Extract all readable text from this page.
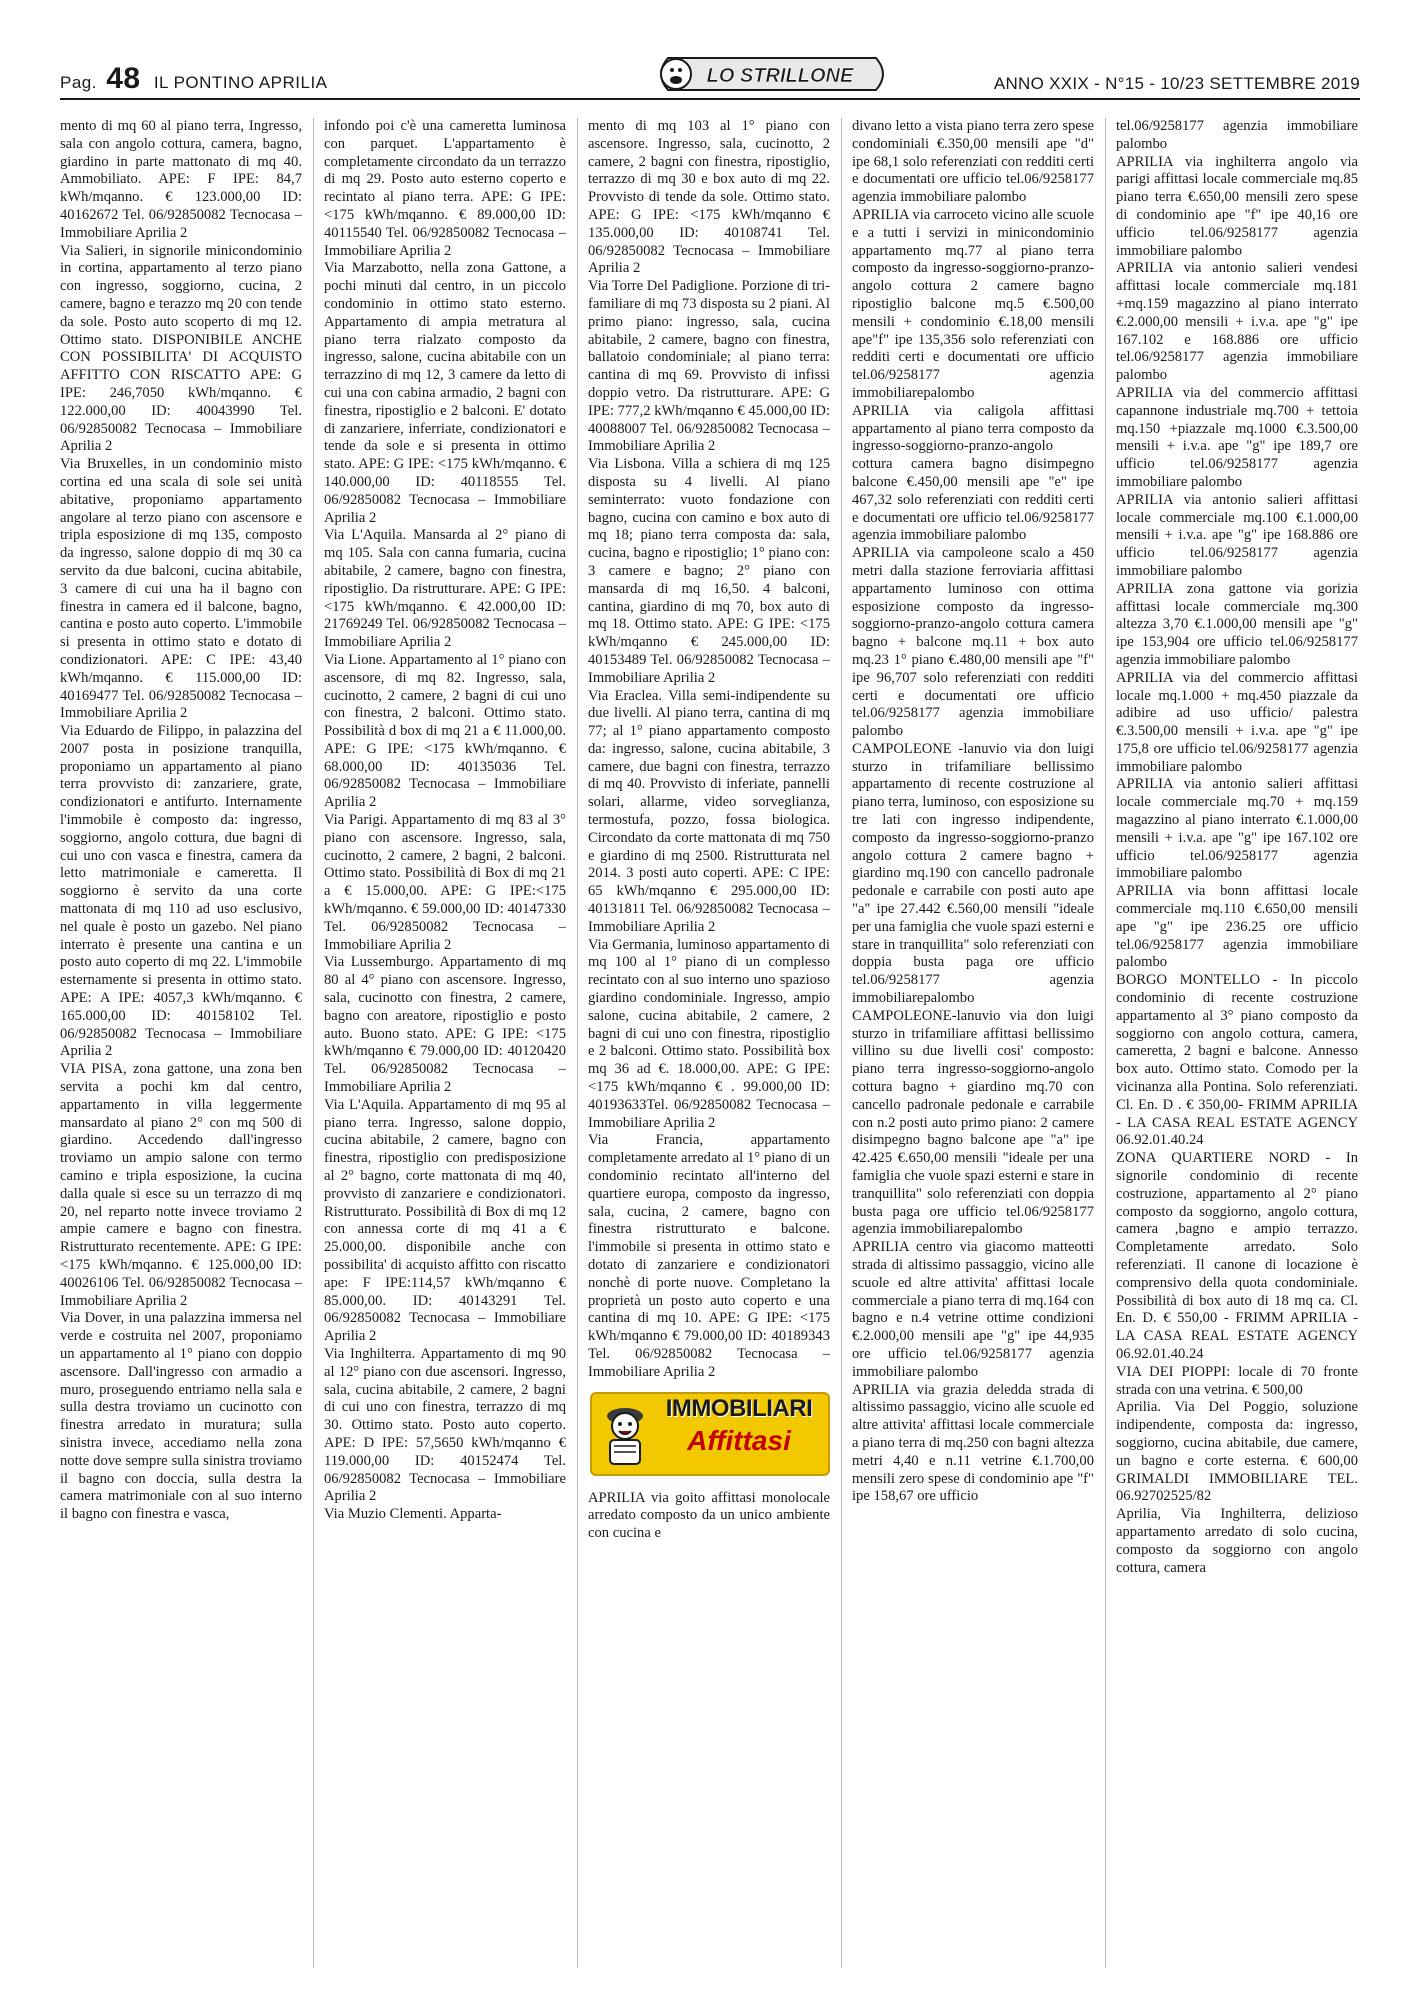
Pag. 48 IL PONTINO APRILIA	LO STRILLONE	ANNO XXIX - N°15 - 10/23 SETTEMBRE 2019

mento di mq 60 al piano terra, Ingresso, sala con angolo cottura, camera, bagno, giardino in parte mattonato di mq 40. Ammobiliato. APE: F IPE: 84,7 kWh/mqanno. € 123.000,00 ID: 40162672 Tel. 06/92850082 Tecnocasa – Immobiliare Aprilia 2

Via Salieri, in signorile minicondominio in cortina, appartamento al terzo piano con ingresso, soggiorno, cucina, 2 camere, bagno e terazzo mq 20 con tende da sole. Posto auto scoperto di mq 12. Ottimo stato. DISPONIBILE ANCHE CON POSSIBILITA' DI ACQUISTO AFFITTO CON RISCATTO APE: G IPE: 246,7050 kWh/mqanno. € 122.000,00 ID: 40043990 Tel. 06/92850082 Tecnocasa – Immobiliare Aprilia 2

Via Bruxelles, in un condominio misto cortina ed una scala di sole sei unità abitative, proponiamo appartamento angolare al terzo piano con ascensore e tripla esposizione di mq 135, composto da ingresso, salone doppio di mq 30 ca servito da due balconi, cucina abitabile, 3 camere di cui una ha il bagno con finestra in camera ed il balcone, bagno, cantina e posto auto coperto. L'immobile si presenta in ottimo stato e dotato di condizionatori. APE: C IPE: 43,40 kWh/mqanno. € 115.000,00 ID: 40169477 Tel. 06/92850082 Tecnocasa – Immobiliare Aprilia 2

Via Eduardo de Filippo, in palazzina del 2007 posta in posizione tranquilla, proponiamo un appartamento al piano terra provvisto di: zanzariere, grate, condizionatori e antifurto. Internamente l'immobile è composto da: ingresso, soggiorno, angolo cottura, due bagni di cui uno con vasca e finestra, camera da letto matrimoniale e cameretta. Il soggiorno è servito da una corte mattonata di mq 110 ad uso esclusivo, nel quale è posto un gazebo. Nel piano interrato è presente una cantina e un posto auto coperto di mq 22. L'immobile esternamente si presenta in ottimo stato. APE: A IPE: 4057,3 kWh/mqanno. € 165.000,00 ID: 40158102 Tel. 06/92850082 Tecnocasa – Immobiliare Aprilia 2

VIA PISA, zona gattone, una zona ben servita a pochi km dal centro, appartamento in villa leggermente mansardato al piano 2° con mq 500 di giardino. Accedendo dall'ingresso troviamo un ampio salone con termo camino e tripla esposizione, la cucina dalla quale si esce su un terrazzo di mq 20, nel reparto notte invece troviamo 2 ampie camere e bagno con finestra. Ristrutturato recentemente. APE: G IPE: <175 kWh/mqanno. € 125.000,00 ID: 40026106 Tel. 06/92850082 Tecnocasa – Immobiliare Aprilia 2

Via Dover, in una palazzina immersa nel verde e costruita nel 2007, proponiamo un appartamento al 1° piano con doppio ascensore. Dall'ingresso con armadio a muro, proseguendo entriamo nella sala e sulla destra troviamo un cucinotto con finestra arredato in muratura; sulla sinistra invece, accediamo nella zona notte dove sempre sulla sinistra troviamo il bagno con doccia, sulla destra la camera matrimoniale con al suo interno il bagno con finestra e vasca,

infondo poi c'è una cameretta luminosa con parquet. L'appartamento è completamente circondato da un terrazzo di mq 29. Posto auto esterno coperto e recintato al piano terra. APE: G IPE: <175 kWh/mqanno. € 89.000,00 ID: 40115540 Tel. 06/92850082 Tecnocasa – Immobiliare Aprilia 2

Via Marzabotto, nella zona Gattone, a pochi minuti dal centro, in un piccolo condominio in ottimo stato esterno. Appartamento di ampia metratura al piano terra rialzato composto da ingresso, salone, cucina abitabile con un terrazzino di mq 12, 3 camere da letto di cui una con cabina armadio, 2 bagni con finestra, ripostiglio e 2 balconi. E' dotato di zanzariere, inferriate, condizionatori e tende da sole e si presenta in ottimo stato. APE: G IPE: <175 kWh/mqanno. € 140.000,00 ID: 40118555 Tel. 06/92850082 Tecnocasa – Immobiliare Aprilia 2

Via L'Aquila. Mansarda al 2° piano di mq 105. Sala con canna fumaria, cucina abitabile, 2 camere, bagno con finestra, ripostiglio. Da ristrutturare. APE: G IPE: <175 kWh/mqanno. € 42.000,00 ID: 21769249 Tel. 06/92850082 Tecnocasa – Immobiliare Aprilia 2

Via Lione. Appartamento al 1° piano con ascensore, di mq 82. Ingresso, sala, cucinotto, 2 camere, 2 bagni di cui uno con finestra, 2 balconi. Ottimo stato. Possibilità d box di mq 21 a € 11.000,00. APE: G IPE: <175 kWh/mqanno. € 68.000,00 ID: 40135036 Tel. 06/92850082 Tecnocasa – Immobiliare Aprilia 2

Via Parigi. Appartamento di mq 83 al 3° piano con ascensore. Ingresso, sala, cucinotto, 2 camere, 2 bagni, 2 balconi. Ottimo stato. Possibilità di Box di mq 21 a € 15.000,00. APE: G IPE:<175 kWh/mqanno. € 59.000,00 ID: 40147330 Tel. 06/92850082 Tecnocasa – Immobiliare Aprilia 2

Via Lussemburgo. Appartamento di mq 80 al 4° piano con ascensore. Ingresso, sala, cucinotto con finestra, 2 camere, bagno con areatore, ripostiglio e posto auto. Buono stato. APE: G IPE: <175 kWh/mqanno € 79.000,00 ID: 40120420 Tel. 06/92850082 Tecnocasa – Immobiliare Aprilia 2

Via L'Aquila. Appartamento di mq 95 al piano terra. Ingresso, salone doppio, cucina abitabile, 2 camere, bagno con finestra, ripostiglio con predisposizione al 2° bagno, corte mattonata di mq 40, provvisto di zanzariere e condizionatori. Ristrutturato. Possibilità di Box di mq 12 con annessa corte di mq 41 a € 25.000,00. disponibile anche con possibilita' di acquisto affitto con riscatto ape: F IPE:114,57 kWh/mqanno € 85.000,00. ID: 40143291 Tel. 06/92850082 Tecnocasa – Immobiliare Aprilia 2

Via Inghilterra. Appartamento di mq 90 al 12° piano con due ascensori. Ingresso, sala, cucina abitabile, 2 camere, 2 bagni di cui uno con finestra, terrazzo di mq 30. Ottimo stato. Posto auto coperto. APE: D IPE: 57,5650 kWh/mqanno € 119.000,00 ID: 40152474 Tel. 06/92850082 Tecnocasa – Immobiliare Aprilia 2

Via Muzio Clementi. Apparta-

mento di mq 103 al 1° piano con ascensore. Ingresso, sala, cucinotto, 2 camere, 2 bagni con finestra, ripostiglio, terrazzo di mq 30 e box auto di mq 22. Provvisto di tende da sole. Ottimo stato. APE: G IPE: <175 kWh/mqanno € 135.000,00 ID: 40108741 Tel. 06/92850082 Tecnocasa – Immobiliare Aprilia 2

Via Torre Del Padiglione. Porzione di tri-familiare di mq 73 disposta su 2 piani. Al primo piano: ingresso, sala, cucina abitabile, 2 camere, bagno con finestra, ballatoio condominiale; al piano terra: cantina di mq 69. Provvisto di infissi doppio vetro. Da ristrutturare. APE: G IPE: 777,2 kWh/mqanno € 45.000,00 ID: 40088007 Tel. 06/92850082 Tecnocasa – Immobiliare Aprilia 2

Via Lisbona. Villa a schiera di mq 125 disposta su 4 livelli. Al piano seminterrato: vuoto fondazione con bagno, cucina con camino e box auto di mq 18; piano terra composta da: sala, cucina, bagno e ripostiglio; 1° piano con: 3 camere e bagno; 2° piano con mansarda di mq 16,50. 4 balconi, cantina, giardino di mq 70, box auto di mq 18. Ottimo stato. APE: G IPE: <175 kWh/mqanno € 245.000,00 ID: 40153489 Tel. 06/92850082 Tecnocasa – Immobiliare Aprilia 2

Via Eraclea. Villa semi-indipendente su due livelli. Al piano terra, cantina di mq 77; al 1° piano appartamento composto da: ingresso, salone, cucina abitabile, 3 camere, due bagni con finestra, terrazzo di mq 40. Provvisto di inferiate, pannelli solari, allarme, video sorveglianza, termostufa, pozzo, fossa biologica. Circondato da corte mattonata di mq 750 e giardino di mq 2500. Ristrutturata nel 2014. 3 posti auto coperti. APE: C IPE: 65 kWh/mqanno € 295.000,00 ID: 40131811 Tel. 06/92850082 Tecnocasa – Immobiliare Aprilia 2

Via Germania, luminoso appartamento di mq 100 al 1° piano di un complesso recintato con al suo interno uno spazioso giardino condominiale. Ingresso, ampio salone, cucina abitabile, 2 camere, 2 bagni di cui uno con finestra, ripostiglio e 2 balconi. Ottimo stato. Possibilità box mq 36 ad €. 18.000,00. APE: G IPE: <175 kWh/mqanno € . 99.000,00 ID: 40193633Tel. 06/92850082 Tecnocasa – Immobiliare Aprilia 2

Via Francia, appartamento completamente arredato al 1° piano di un condominio recintato all'interno del quartiere europa, composto da ingresso, sala, cucina, 2 camere, bagno con finestra ristrutturato e balcone. l'immobile si presenta in ottimo stato e dotato di zanzariere e condizionatori nonchè di porte nuove. Completano la proprietà un posto auto coperto e una cantina di mq 10. APE: G IPE: <175 kWh/mqanno € 79.000,00 ID: 40189343 Tel. 06/92850082 Tecnocasa – Immobiliare Aprilia 2

IMMOBILIARI
Affittasi

APRILIA via goito affittasi monolocale arredato composto da un unico ambiente con cucina e

divano letto a vista piano terra zero spese condominiali €.350,00 mensili ape "d" ipe 68,1 solo referenziati con redditi certi e documentati ore ufficio tel.06/9258177 agenzia immobiliare palombo

APRILIA via carroceto vicino alle scuole e a tutti i servizi in minicondominio appartamento mq.77 al piano terra composto da ingresso-soggiorno-pranzo-angolo cottura 2 camere bagno ripostiglio balcone mq.5 €.500,00 mensili + condominio €.18,00 mensili ape"f" ipe 135,356 solo referenziati con redditi certi e documentati ore ufficio tel.06/9258177 agenzia immobiliarepalombo

APRILIA via caligola affittasi appartamento al piano terra composto da ingresso-soggiorno-pranzo-angolo cottura camera bagno disimpegno balcone €.450,00 mensili ape "e" ipe 467,32 solo referenziati con redditi certi e documentati ore ufficio tel.06/9258177 agenzia immobiliare palombo

APRILIA via campoleone scalo a 450 metri dalla stazione ferroviaria affittasi appartamento luminoso con ottima esposizione composto da ingresso-soggiorno-pranzo-angolo cottura camera bagno + balcone mq.11 + box auto mq.23 1° piano €.480,00 mensili ape "f" ipe 96,707 solo referenziati con redditi certi e documentati ore ufficio tel.06/9258177 agenzia immobiliare palombo

CAMPOLEONE -lanuvio via don luigi sturzo in trifamiliare bellissimo appartamento di recente costruzione al piano terra, luminoso, con esposizione su tre lati con ingresso indipendente, composto da ingresso-soggiorno-pranzo angolo cottura 2 camere bagno + giardino mq.190 con cancello padronale pedonale e carrabile con posti auto ape "a" ipe 27.442 €.560,00 mensili "ideale per una famiglia che vuole spazi esterni e stare in tranquillita" solo referenziati con doppia busta paga ore ufficio tel.06/9258177 agenzia immobiliarepalombo

CAMPOLEONE-lanuvio via don luigi sturzo in trifamiliare affittasi bellissimo villino su due livelli cosi' composto: piano terra ingresso-soggiorno-angolo cottura bagno + giardino mq.70 con cancello padronale pedonale e carrabile con n.2 posti auto primo piano: 2 camere disimpegno bagno balcone ape "a" ipe 42.425 €.650,00 mensili "ideale per una famiglia che vuole spazi esterni e stare in tranquillita" solo referenziati con doppia busta paga ore ufficio tel.06/9258177 agenzia immobiliarepalombo

APRILIA centro via giacomo matteotti strada di altissimo passaggio, vicino alle scuole ed altre attivita' affittasi locale commerciale a piano terra di mq.164 con bagno e n.4 vetrine ottime condizioni €.2.000,00 mensili ape "g" ipe 44,935 ore ufficio tel.06/9258177 agenzia immobiliare palombo

APRILIA via grazia deledda strada di altissimo passaggio, vicino alle scuole ed altre attivita' affittasi locale commerciale a piano terra di mq.250 con bagni altezza metri 4,40 e n.11 vetrine €.1.700,00 mensili zero spese di condominio ape "f" ipe 158,67 ore ufficio

tel.06/9258177 agenzia immobiliare palombo

APRILIA via inghilterra angolo via parigi affittasi locale commerciale mq.85 piano terra €.650,00 mensili zero spese di condominio ape "f" ipe 40,16 ore ufficio tel.06/9258177 agenzia immobiliare palombo

APRILIA via antonio salieri vendesi affittasi locale commerciale mq.181 +mq.159 magazzino al piano interrato €.2.000,00 mensili + i.v.a. ape "g" ipe 167.102 e 168.886 ore ufficio tel.06/9258177 agenzia immobiliare palombo

APRILIA via del commercio affittasi capannone industriale mq.700 + tettoia mq.150 +piazzale mq.1000 €.3.500,00 mensili + i.v.a. ape "g" ipe 189,7 ore ufficio tel.06/9258177 agenzia immobiliare palombo

APRILIA via antonio salieri affittasi locale commerciale mq.100 €.1.000,00 mensili + i.v.a. ape "g" ipe 168.886 ore ufficio tel.06/9258177 agenzia immobiliare palombo

APRILIA zona gattone via gorizia affittasi locale commerciale mq.300 altezza 3,70 €.1.000,00 mensili ape "g" ipe 153,904 ore ufficio tel.06/9258177 agenzia immobiliare palombo

APRILIA via del commercio affittasi locale mq.1.000 + mq.450 piazzale da adibire ad uso ufficio/ palestra €.3.500,00 mensili + i.v.a. ape "g" ipe 175,8 ore ufficio tel.06/9258177 agenzia immobiliare palombo

APRILIA via antonio salieri affittasi locale commerciale mq.70 + mq.159 magazzino al piano interrato €.1.000,00 mensili + i.v.a. ape "g" ipe 167.102 ore ufficio tel.06/9258177 agenzia immobiliare palombo

APRILIA via bonn affittasi locale commerciale mq.110 €.650,00 mensili ape "g" ipe 236.25 ore ufficio tel.06/9258177 agenzia immobiliare palombo

BORGO MONTELLO - In piccolo condominio di recente costruzione appartamento al 3° piano composto da soggiorno con angolo cottura, camera, cameretta, 2 bagni e balcone. Annesso box auto. Ottimo stato. Comodo per la vicinanza alla Pontina. Solo referenziati. Cl. En. D . € 350,00- FRIMM APRILIA - LA CASA REAL ESTATE AGENCY 06.92.01.40.24

ZONA QUARTIERE NORD - In signorile condominio di recente costruzione, appartamento al 2° piano composto da soggiorno, angolo cottura, camera ,bagno e ampio terrazzo. Completamente arredato. Solo referenziati. Il canone di locazione è comprensivo della quota condominiale. Possibilità di box auto di 18 mq ca. Cl. En. D. € 550,00 - FRIMM APRILIA - LA CASA REAL ESTATE AGENCY 06.92.01.40.24

VIA DEI PIOPPI: locale di 70 fronte strada con una vetrina. € 500,00

Aprilia. Via Del Poggio, soluzione indipendente, composta da: ingresso, soggiorno, cucina abitabile, due camere, un bagno e corte esterna. € 600,00 GRIMALDI IMMOBILIARE TEL. 06.92702525/82

Aprilia, Via Inghilterra, delizioso appartamento arredato di solo cucina, composto da soggiorno con angolo cottura, camera
